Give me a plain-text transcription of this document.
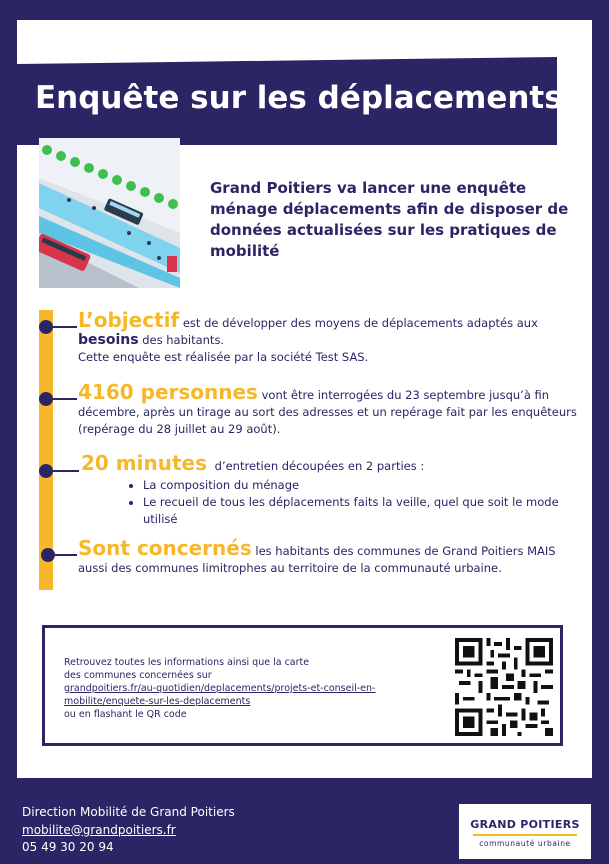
Enquête sur les déplacements
Grand Poitiers va lancer une enquête ménage déplacements afin de disposer de données actualisées sur les pratiques de mobilité
L’objectif est de développer des moyens de déplacements adaptés aux besoins des habitants.
Cette enquête est réalisée par la société Test SAS.
4160 personnes vont être interrogées du 23 septembre jusqu’à fin décembre, après un tirage au sort des adresses et un repérage fait par les enquêteurs (repérage du 28 juillet au 29 août).
20 minutes d’entretien découpées en 2 parties :
• La composition du ménage
• Le recueil de tous les déplacements faits la veille, quel que soit le mode utilisé
Sont concernés les habitants des communes de Grand Poitiers MAIS aussi des communes limitrophes au territoire de la communauté urbaine.
Retrouvez toutes les informations ainsi que la carte
des communes concernées sur
grandpoitiers.fr/au-quotidien/deplacements/projets-et-conseil-en-mobilite/enquete-sur-les-deplacements
ou en flashant le QR code
Direction Mobilité de Grand Poitiers
mobilite@grandpoitiers.fr
05 49 30 20 94
GRAND POITIERS
communauté urbaine
